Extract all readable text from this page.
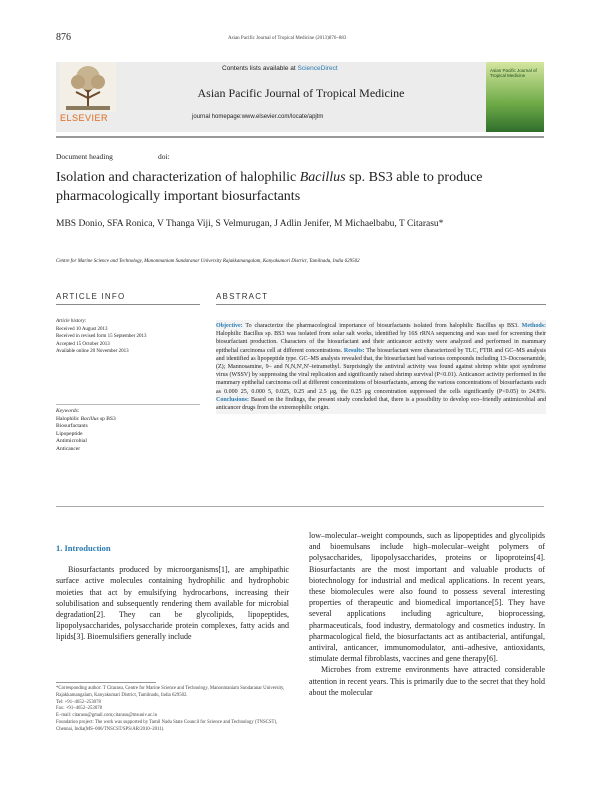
876	Asian Pacific Journal of Tropical Medicine (2013)876–883
ELSEVIER
Contents lists available at ScienceDirect
Asian Pacific Journal of Tropical Medicine
journal homepage:www.elsevier.com/locate/apjtm
Asian Pacific Journal of Tropical Medicine
Document heading	doi:
Isolation and characterization of halophilic Bacillus sp. BS3 able to produce pharmacologically important biosurfactants
MBS Donio, SFA Ronica, V Thanga Viji, S Velmurugan, J Adlin Jenifer, M Michaelbabu, T Citarasu*
Centre for Marine Science and Technology, Manonmaniam Sundaranar University Rajakkamangalam, Kanyakumari District, Tamilnadu, India 629502
ARTICLE INFO	ABSTRACT
Article history:
Received 10 August 2013
Received in revised form 15 September 2013
Accepted 15 October 2013
Available online 20 November 2013
Keywords:
Halophilic Bacillus sp BS3
Biosurfactants
Lipopeptide
Antimicrobial
Anticancer
Objective: To characterize the pharmacological importance of biosurfactants isolated from halophilic Bacillus sp BS3. Methods: Halophilic Bacillus sp. BS3 was isolated from solar salt works, identified by 16S rRNA sequencing and was used for screening their biosurfactant production. Characters of the biosurfactant and their anticancer activity were analyzed and performed in mammary epithelial carcinoma cell at different concentrations. Results: The biosurfactant were characterized by TLC, FTIR and GC–MS analysis and identified as lipopeptide type. GC–MS analysis revealed that, the biosurfactant had various compounds including 13–Docosenamide, (Z); Mannosamine, 9– and N,N,N',N'–tetramethyl. Surprisingly the antiviral activity was found against shrimp white spot syndrome virus (WSSV) by suppressing the viral replication and significantly raised shrimp survival (P<0.01). Anticancer activity performed in the mammary epithelial carcinoma cell at different concentrations of biosurfactants, among the various concentrations of biosurfactants such as 0.000 25, 0.000 5, 0.025, 0.25 and 2.5 μg, the 0.25 μg concentration suppressed the cells significantly (P<0.05) to 24.8%. Conclusions: Based on the findings, the present study concluded that, there is a possibility to develop eco–friendly antimicrobial and anticancer drugs from the extremophilic origin.
1. Introduction

Biosurfactants produced by microorganisms[1], are amphipathic surface active molecules containing hydrophilic and hydrophobic moieties that act by emulsifying hydrocarbons, increasing their solubilisation and subsequently rendering them available for microbial degradation[2]. They can be glycolipids, lipopeptides, lipopolysaccharides, polysaccharide protein complexes, fatty acids and lipids[3]. Bioemulsifiers generally include

low–molecular–weight compounds, such as lipopeptides and glycolipids and bioemulsans include high–molecular–weight polymers of polysaccharides, lipopolysaccharides, proteins or lipoproteins[4]. Biosurfactants are the most important and valuable products of biotechnology for industrial and medical applications. In recent years, these biomolecules were also found to possess several interesting properties of therapeutic and biomedical importance[5]. They have several applications including agriculture, bioprocessing, pharmaceuticals, food industry, dermatology and cosmetics industry. In pharmacological field, the biosurfactants act as antibacterial, antifungal, antiviral, anticancer, immunomodulator, anti–adhesive, antioxidants, stimulate dermal fibroblasts, vaccines and gene therapy[6].

Microbes from extreme environments have attracted considerable attention in recent years. This is primarily due to the secret that they hold about the molecular

*Corresponding author: T Citarasu, Centre for Marine Science and Technology, Manonmaniam Sundaranar University, Rajakkamangalam, Kanyakumari District, Tamilnadu, India 629502.
Tel: +91–4652–253078
Fax: +91–4652–253078
E–mail: citarasu@gmail.com;citarasu@msuniv.ac.in
Foundation project: The work was supported by Tamil Nadu State Council for Science and Technology (TNSCST), Chennai, India(MS–006/TNSCST/SPS/AR/2010–2011).
